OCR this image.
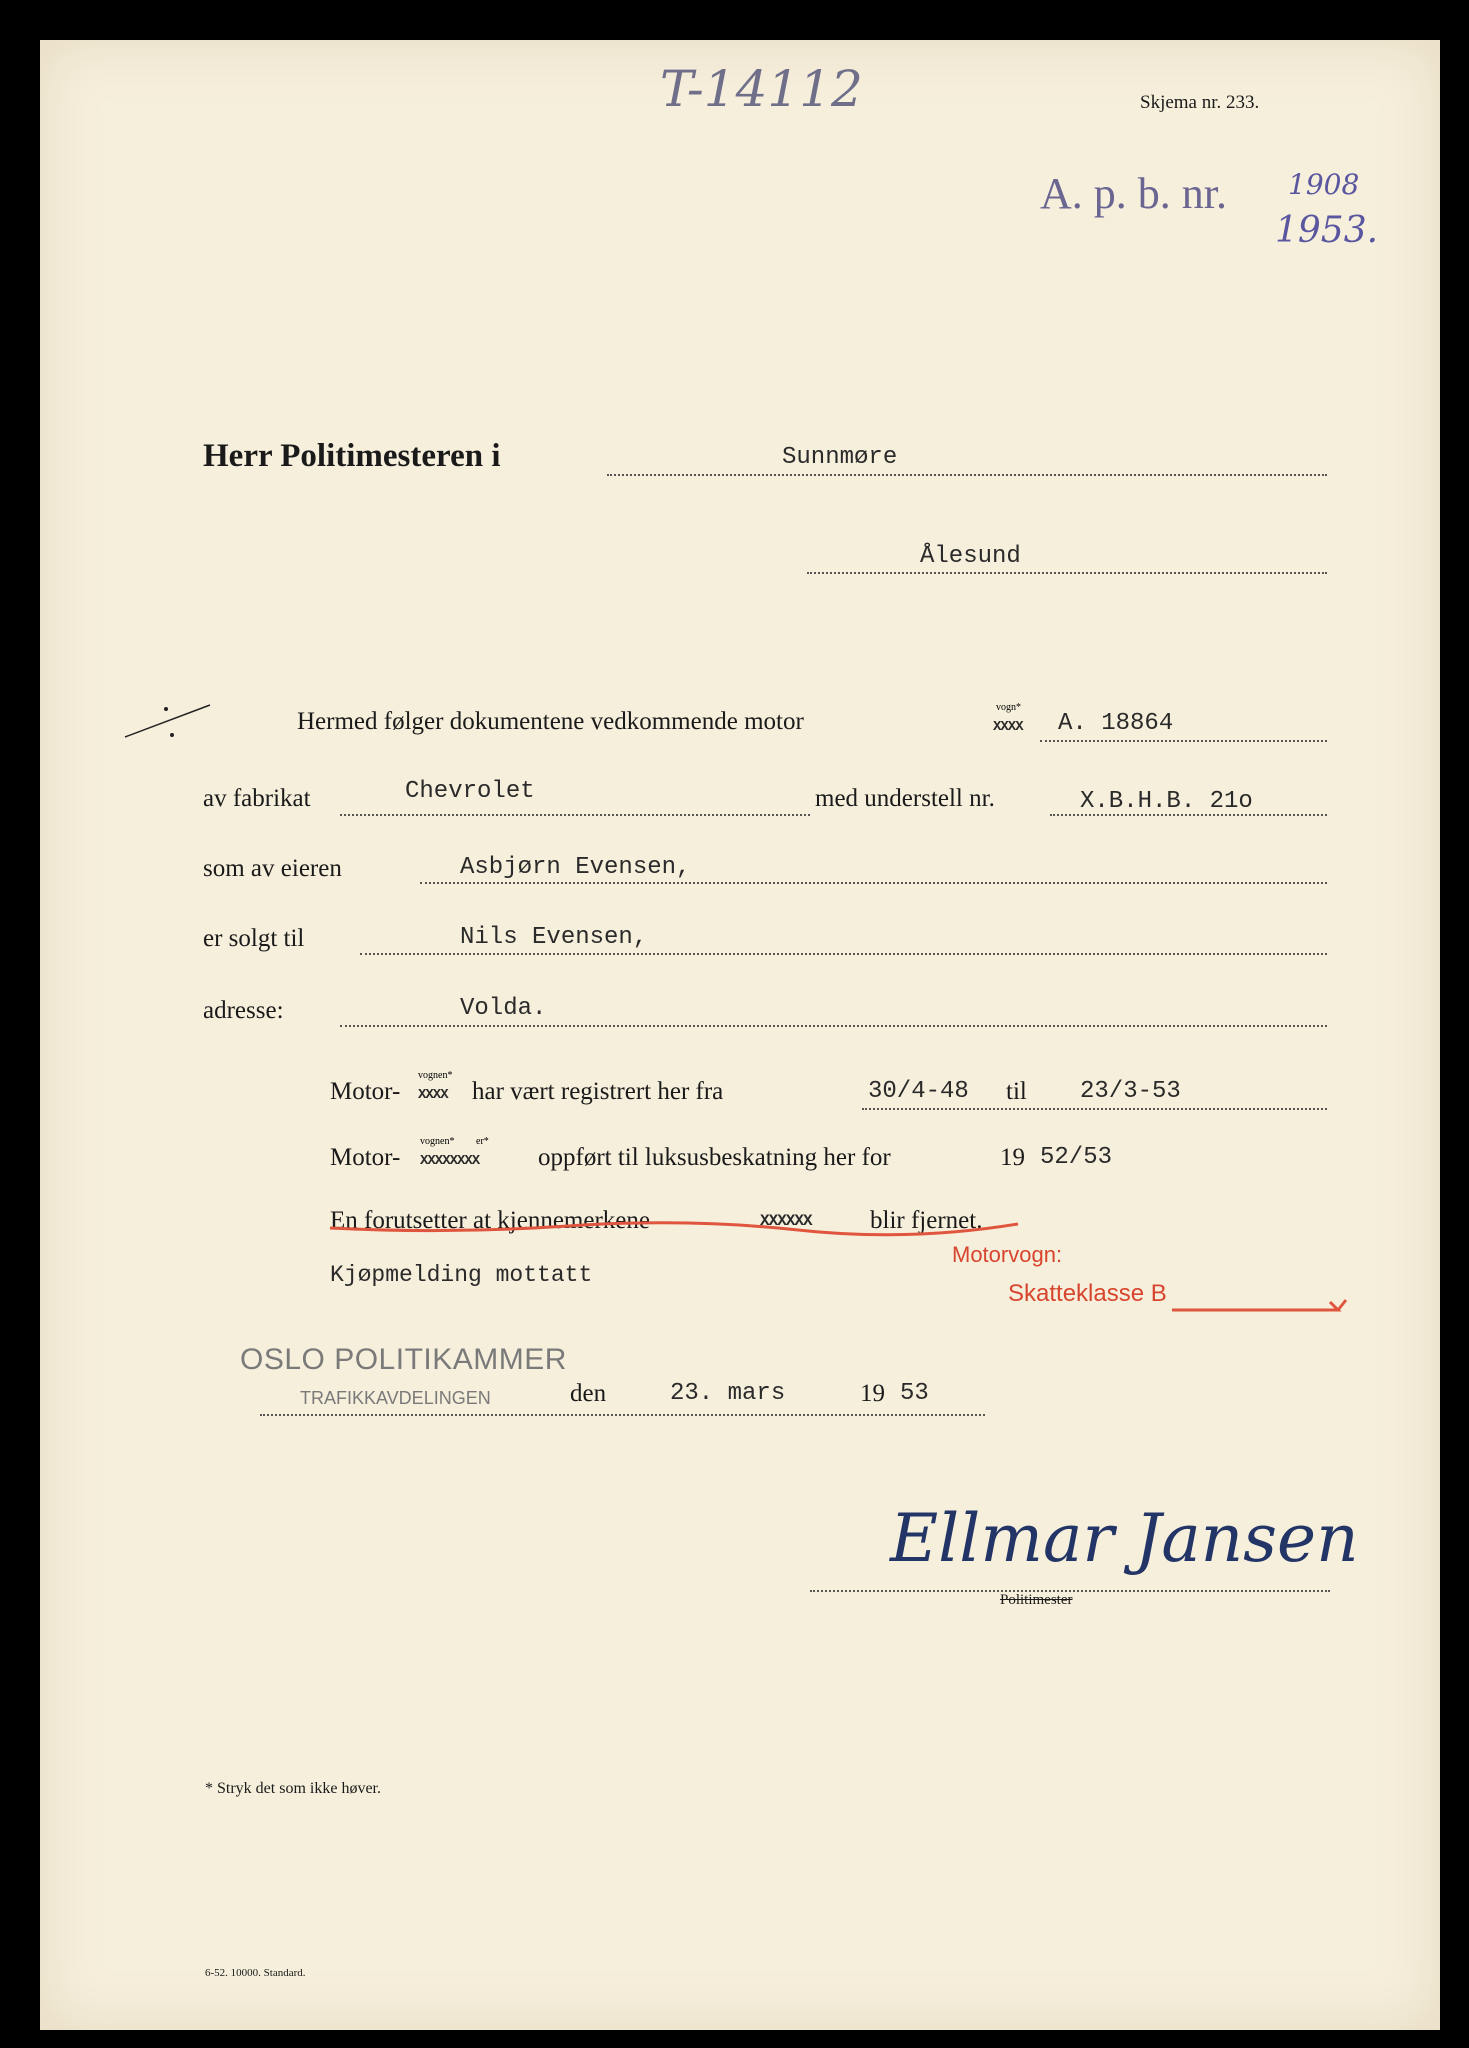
T-14112	Skjema nr. 233.
A. p. b. nr. 1908
1953.
Herr Politimesteren i	Sunnmøre
Ålesund
Hermed følger dokumentene vedkommende motor
vogn*
XXXX A. 18864
av fabrikat	Chevrolet	med understell nr.	X.B.H.B. 21o
som av eieren	Asbjørn Evensen,
er solgt til	Nils Evensen,
adresse:	Volda.
Motor-
vognen*
XXXX har vært registrert her fra	30/4-48 til 23/3-53
Motor-
vognen* er*
XXXXXXXX oppført til luksusbeskatning her for	19 52/53
En forutsetter at kjennemerkene	XXXXXX blir fjernet.
Kjøpmelding mottatt
Motorvogn:
Skatteklasse B
OSLO POLITIKAMMER
TRAFIKKAVDELINGEN	den	23. mars	19 53
Ellmar Jansen
Politimester
* Stryk det som ikke høver.
6-52. 10000. Standard.
